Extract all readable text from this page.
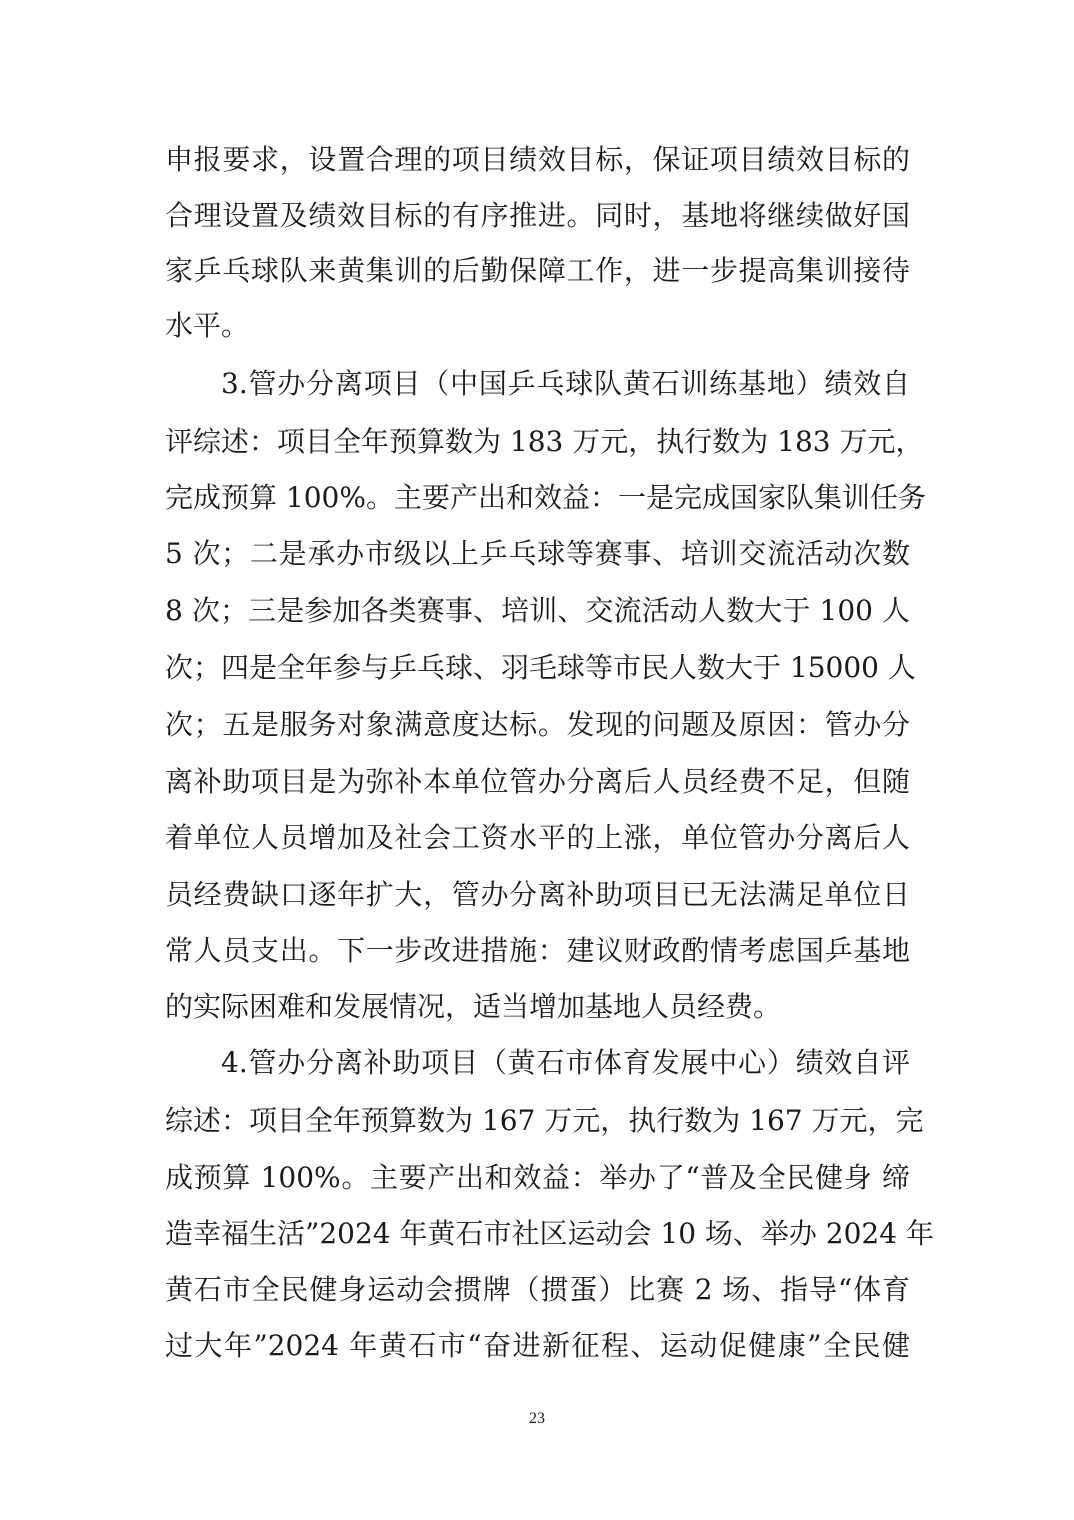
申报要求，设置合理的项目绩效目标，保证项目绩效目标的
合理设置及绩效目标的有序推进。同时，基地将继续做好国
家乒乓球队来黄集训的后勤保障工作，进一步提高集训接待
水平。
3.管办分离项目（中国乒乓球队黄石训练基地）绩效自
评综述：项目全年预算数为 183 万元，执行数为 183 万元，
完成预算 100%。主要产出和效益：一是完成国家队集训任务
5 次；二是承办市级以上乒乓球等赛事、培训交流活动次数
8 次；三是参加各类赛事、培训、交流活动人数大于 100 人
次；四是全年参与乒乓球、羽毛球等市民人数大于 15000 人
次；五是服务对象满意度达标。发现的问题及原因：管办分
离补助项目是为弥补本单位管办分离后人员经费不足，但随
着单位人员增加及社会工资水平的上涨，单位管办分离后人
员经费缺口逐年扩大，管办分离补助项目已无法满足单位日
常人员支出。下一步改进措施：建议财政酌情考虑国乒基地
的实际困难和发展情况，适当增加基地人员经费。
4.管办分离补助项目（黄石市体育发展中心）绩效自评
综述：项目全年预算数为 167 万元，执行数为 167 万元，完
成预算 100%。主要产出和效益：举办了“普及全民健身 缔
造幸福生活”2024 年黄石市社区运动会 10 场、举办 2024 年
黄石市全民健身运动会掼牌（掼蛋）比赛 2 场、指导“体育
过大年”2024 年黄石市“奋进新征程、运动促健康”全民健
23
